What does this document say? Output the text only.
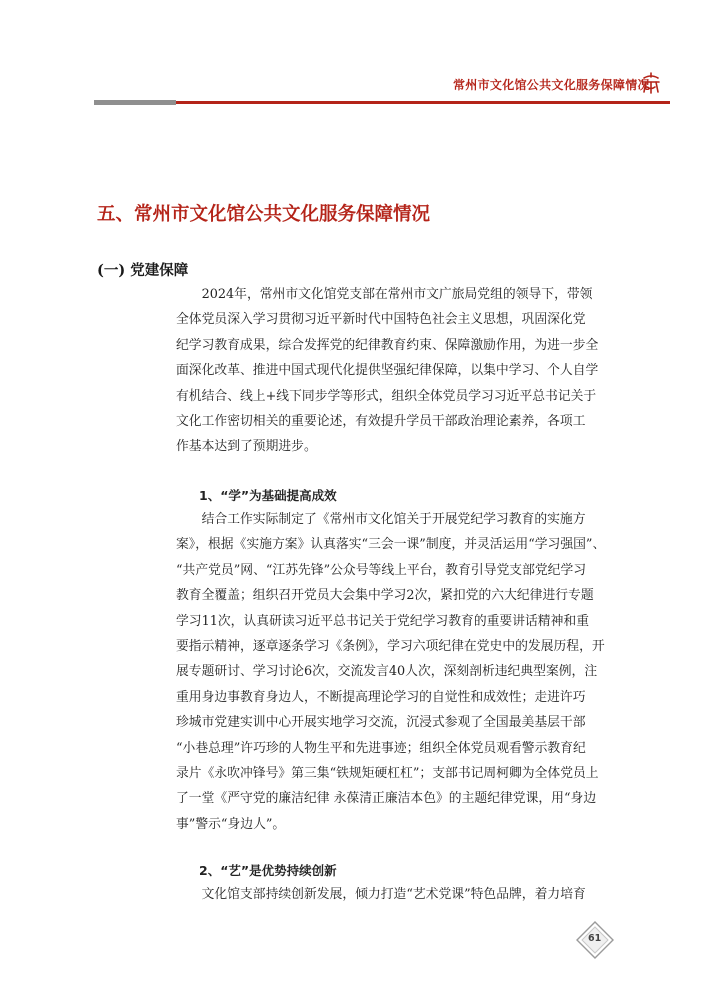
常州市文化馆公共文化服务保障情况
五、常州市文化馆公共文化服务保障情况
(一) 党建保障
　　2024年，常州市文化馆党支部在常州市文广旅局党组的领导下，带领
全体党员深入学习贯彻习近平新时代中国特色社会主义思想，巩固深化党
纪学习教育成果，综合发挥党的纪律教育约束、保障激励作用，为进一步全
面深化改革、推进中国式现代化提供坚强纪律保障，以集中学习、个人自学
有机结合、线上+线下同步学等形式，组织全体党员学习习近平总书记关于
文化工作密切相关的重要论述，有效提升学员干部政治理论素养，各项工
作基本达到了预期进步。
1、“学”为基础提高成效
　　结合工作实际制定了《常州市文化馆关于开展党纪学习教育的实施方
案》，根据《实施方案》认真落实“三会一课”制度，并灵活运用“学习强国”、
“共产党员”网、“江苏先锋”公众号等线上平台，教育引导党支部党纪学习
教育全覆盖；组织召开党员大会集中学习2次，紧扣党的六大纪律进行专题
学习11次，认真研读习近平总书记关于党纪学习教育的重要讲话精神和重
要指示精神，逐章逐条学习《条例》，学习六项纪律在党史中的发展历程，开
展专题研讨、学习讨论6次，交流发言40人次，深刻剖析违纪典型案例，注
重用身边事教育身边人，不断提高理论学习的自觉性和成效性；走进许巧
珍城市党建实训中心开展实地学习交流，沉浸式参观了全国最美基层干部
“小巷总理”许巧珍的人物生平和先进事迹；组织全体党员观看警示教育纪
录片《永吹冲锋号》第三集“铁规矩硬杠杠”；支部书记周柯卿为全体党员上
了一堂《严守党的廉洁纪律 永葆清正廉洁本色》的主题纪律党课，用“身边
事”警示“身边人”。
2、“艺”是优势持续创新
　　文化馆支部持续创新发展，倾力打造“艺术党课”特色品牌，着力培育
61
